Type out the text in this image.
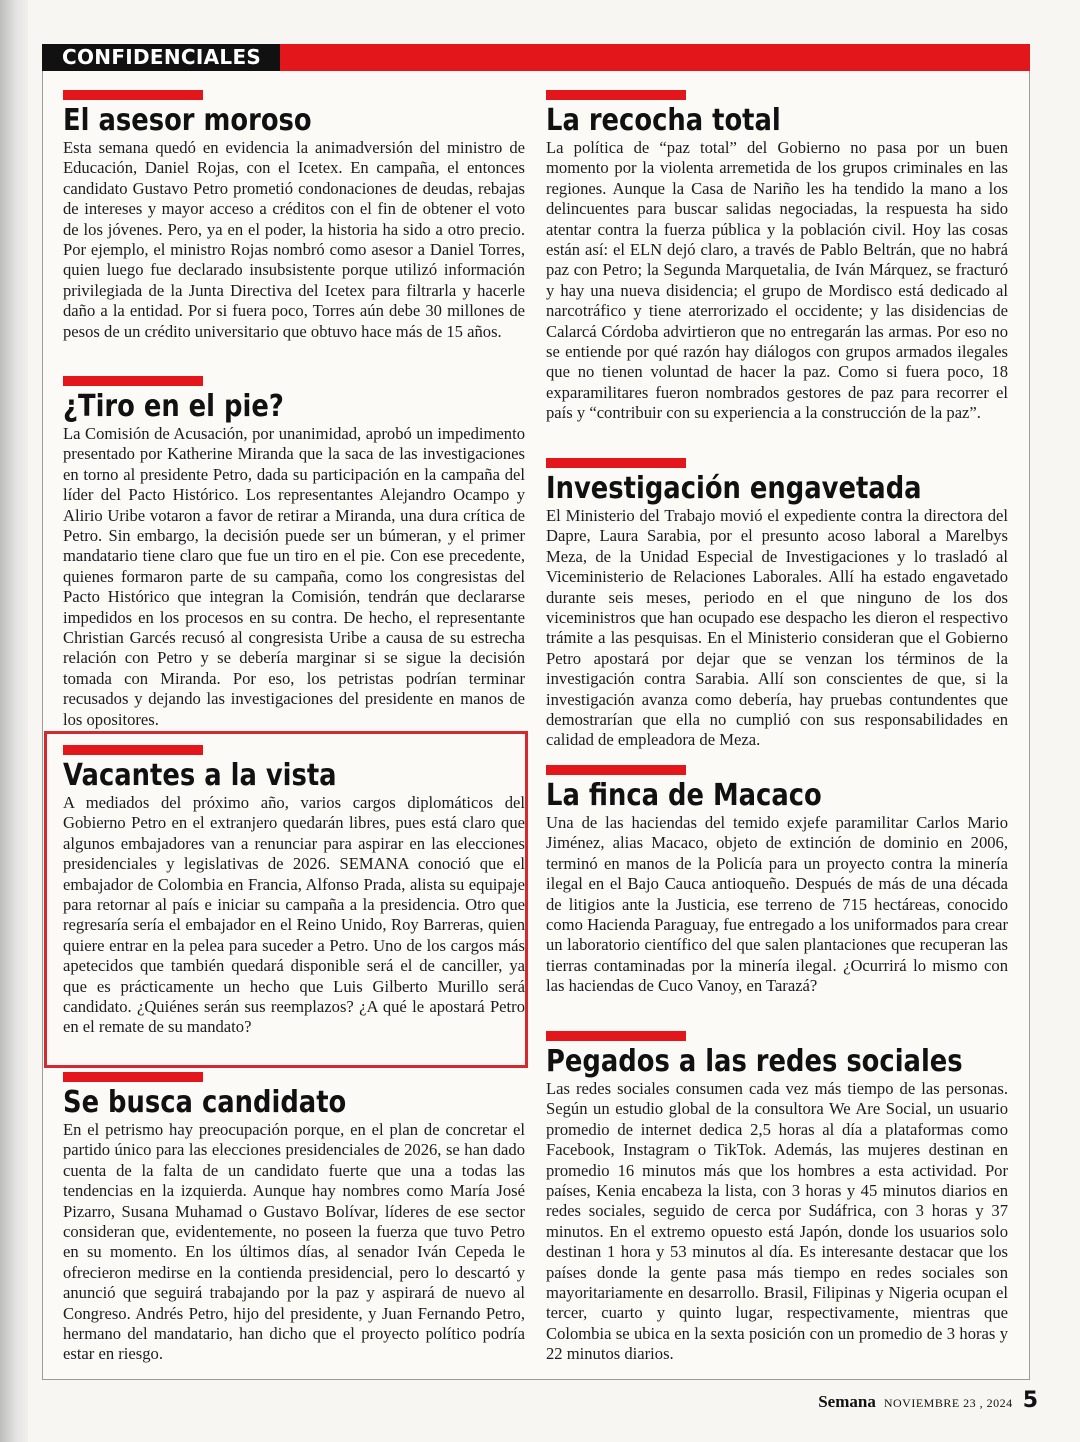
CONFIDENCIALES
El asesor moroso

Esta semana quedó en evidencia la animadversión del ministro de Educación, Daniel Rojas, con el Icetex. En campaña, el entonces candidato Gustavo Petro prometió condonaciones de deudas, rebajas de intereses y mayor acceso a créditos con el fin de obtener el voto de los jóvenes. Pero, ya en el poder, la historia ha sido a otro precio. Por ejemplo, el ministro Rojas nombró como asesor a Daniel Torres, quien luego fue declarado insubsistente porque utilizó información privilegiada de la Junta Directiva del Icetex para filtrarla y hacerle daño a la entidad. Por si fuera poco, Torres aún debe 30 millones de pesos de un crédito universitario que obtuvo hace más de 15 años.

¿Tiro en el pie?

La Comisión de Acusación, por unanimidad, aprobó un impedimento presentado por Katherine Miranda que la saca de las investigaciones en torno al presidente Petro, dada su participación en la campaña del líder del Pacto Histórico. Los representantes Alejandro Ocampo y Alirio Uribe votaron a favor de retirar a Miranda, una dura crítica de Petro. Sin embargo, la decisión puede ser un búmeran, y el primer mandatario tiene claro que fue un tiro en el pie. Con ese precedente, quienes formaron parte de su campaña, como los congresistas del Pacto Histórico que integran la Comisión, tendrán que declararse impedidos en los procesos en su contra. De hecho, el representante Christian Garcés recusó al congresista Uribe a causa de su estrecha relación con Petro y se debería marginar si se sigue la decisión tomada con Miranda. Por eso, los petristas podrían terminar recusados y dejando las investigaciones del presidente en manos de los opositores.

Vacantes a la vista

A mediados del próximo año, varios cargos diplomáticos del Gobierno Petro en el extranjero quedarán libres, pues está claro que algunos embajadores van a renunciar para aspirar en las elecciones presidenciales y legislativas de 2026. SEMANA conoció que el embajador de Colombia en Francia, Alfonso Prada, alista su equipaje para retornar al país e iniciar su campaña a la presidencia. Otro que regresaría sería el embajador en el Reino Unido, Roy Barreras, quien quiere entrar en la pelea para suceder a Petro. Uno de los cargos más apetecidos que también quedará disponible será el de canciller, ya que es prácticamente un hecho que Luis Gilberto Murillo será candidato. ¿Quiénes serán sus reemplazos? ¿A qué le apostará Petro en el remate de su mandato?

Se busca candidato

En el petrismo hay preocupación porque, en el plan de concretar el partido único para las elecciones presidenciales de 2026, se han dado cuenta de la falta de un candidato fuerte que una a todas las tendencias en la izquierda. Aunque hay nombres como María José Pizarro, Susana Muhamad o Gustavo Bolívar, líderes de ese sector consideran que, evidentemente, no poseen la fuerza que tuvo Petro en su momento. En los últimos días, al senador Iván Cepeda le ofrecieron medirse en la contienda presidencial, pero lo descartó y anunció que seguirá trabajando por la paz y aspirará de nuevo al Congreso. Andrés Petro, hijo del presidente, y Juan Fernando Petro, hermano del mandatario, han dicho que el proyecto político podría estar en riesgo.

La recocha total

La política de “paz total” del Gobierno no pasa por un buen momento por la violenta arremetida de los grupos criminales en las regiones. Aunque la Casa de Nariño les ha tendido la mano a los delincuentes para buscar salidas negociadas, la respuesta ha sido atentar contra la fuerza pública y la población civil. Hoy las cosas están así: el ELN dejó claro, a través de Pablo Beltrán, que no habrá paz con Petro; la Segunda Marquetalia, de Iván Márquez, se fracturó y hay una nueva disidencia; el grupo de Mordisco está dedicado al narcotráfico y tiene aterrorizado el occidente; y las disidencias de Calarcá Córdoba advirtieron que no entregarán las armas. Por eso no se entiende por qué razón hay diálogos con grupos armados ilegales que no tienen voluntad de hacer la paz. Como si fuera poco, 18 exparamilitares fueron nombrados gestores de paz para recorrer el país y “contribuir con su experiencia a la construcción de la paz”.

Investigación engavetada

El Ministerio del Trabajo movió el expediente contra la directora del Dapre, Laura Sarabia, por el presunto acoso laboral a Marelbys Meza, de la Unidad Especial de Investigaciones y lo trasladó al Viceministerio de Relaciones Laborales. Allí ha estado engavetado durante seis meses, periodo en el que ninguno de los dos viceministros que han ocupado ese despacho les dieron el respectivo trámite a las pesquisas. En el Ministerio consideran que el Gobierno Petro apostará por dejar que se venzan los términos de la investigación contra Sarabia. Allí son conscientes de que, si la investigación avanza como debería, hay pruebas contundentes que demostrarían que ella no cumplió con sus responsabilidades en calidad de empleadora de Meza.

La finca de Macaco

Una de las haciendas del temido exjefe paramilitar Carlos Mario Jiménez, alias Macaco, objeto de extinción de dominio en 2006, terminó en manos de la Policía para un proyecto contra la minería ilegal en el Bajo Cauca antioqueño. Después de más de una década de litigios ante la Justicia, ese terreno de 715 hectáreas, conocido como Hacienda Paraguay, fue entregado a los uniformados para crear un laboratorio científico del que salen plantaciones que recuperan las tierras contaminadas por la minería ilegal. ¿Ocurrirá lo mismo con las haciendas de Cuco Vanoy, en Tarazá?

Pegados a las redes sociales

Las redes sociales consumen cada vez más tiempo de las personas. Según un estudio global de la consultora We Are Social, un usuario promedio de internet dedica 2,5 horas al día a plataformas como Facebook, Instagram o TikTok. Además, las mujeres destinan en promedio 16 minutos más que los hombres a esta actividad. Por países, Kenia encabeza la lista, con 3 horas y 45 minutos diarios en redes sociales, seguido de cerca por Sudáfrica, con 3 horas y 37 minutos. En el extremo opuesto está Japón, donde los usuarios solo destinan 1 hora y 53 minutos al día. Es interesante destacar que los países donde la gente pasa más tiempo en redes sociales son mayoritariamente en desarrollo. Brasil, Filipinas y Nigeria ocupan el tercer, cuarto y quinto lugar, respectivamente, mientras que Colombia se ubica en la sexta posición con un promedio de 3 horas y 22 minutos diarios.

Semana NOVIEMBRE 23 , 2024 5
